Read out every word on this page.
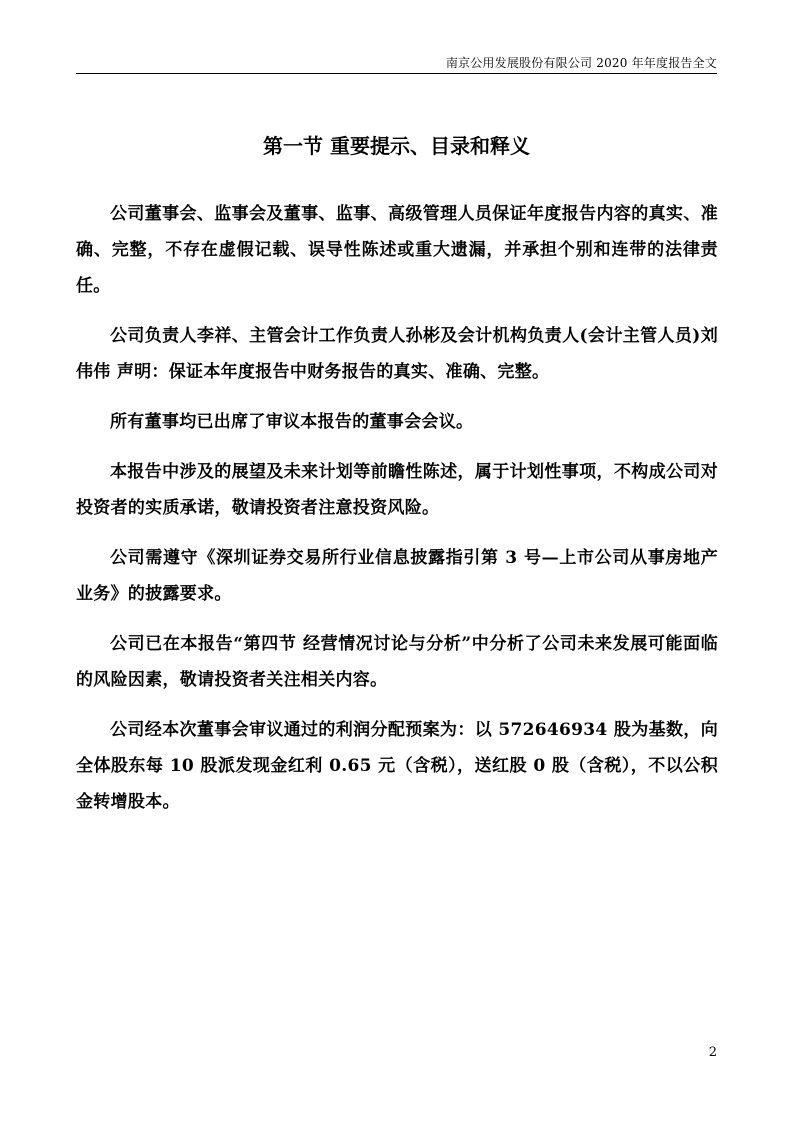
南京公用发展股份有限公司 2020 年年度报告全文
第一节 重要提示、目录和释义

公司董事会、监事会及董事、监事、高级管理人员保证年度报告内容的真实、准确、完整，不存在虚假记载、误导性陈述或重大遗漏，并承担个别和连带的法律责任。

公司负责人李祥、主管会计工作负责人孙彬及会计机构负责人(会计主管人员)刘伟伟 声明：保证本年度报告中财务报告的真实、准确、完整。

所有董事均已出席了审议本报告的董事会会议。

本报告中涉及的展望及未来计划等前瞻性陈述，属于计划性事项，不构成公司对投资者的实质承诺，敬请投资者注意投资风险。

公司需遵守《深圳证券交易所行业信息披露指引第 3 号—上市公司从事房地产业务》的披露要求。

公司已在本报告“第四节 经营情况讨论与分析”中分析了公司未来发展可能面临的风险因素，敬请投资者关注相关内容。

公司经本次董事会审议通过的利润分配预案为：以 572646934 股为基数，向全体股东每 10 股派发现金红利 0.65 元（含税），送红股 0 股（含税），不以公积金转增股本。

2
